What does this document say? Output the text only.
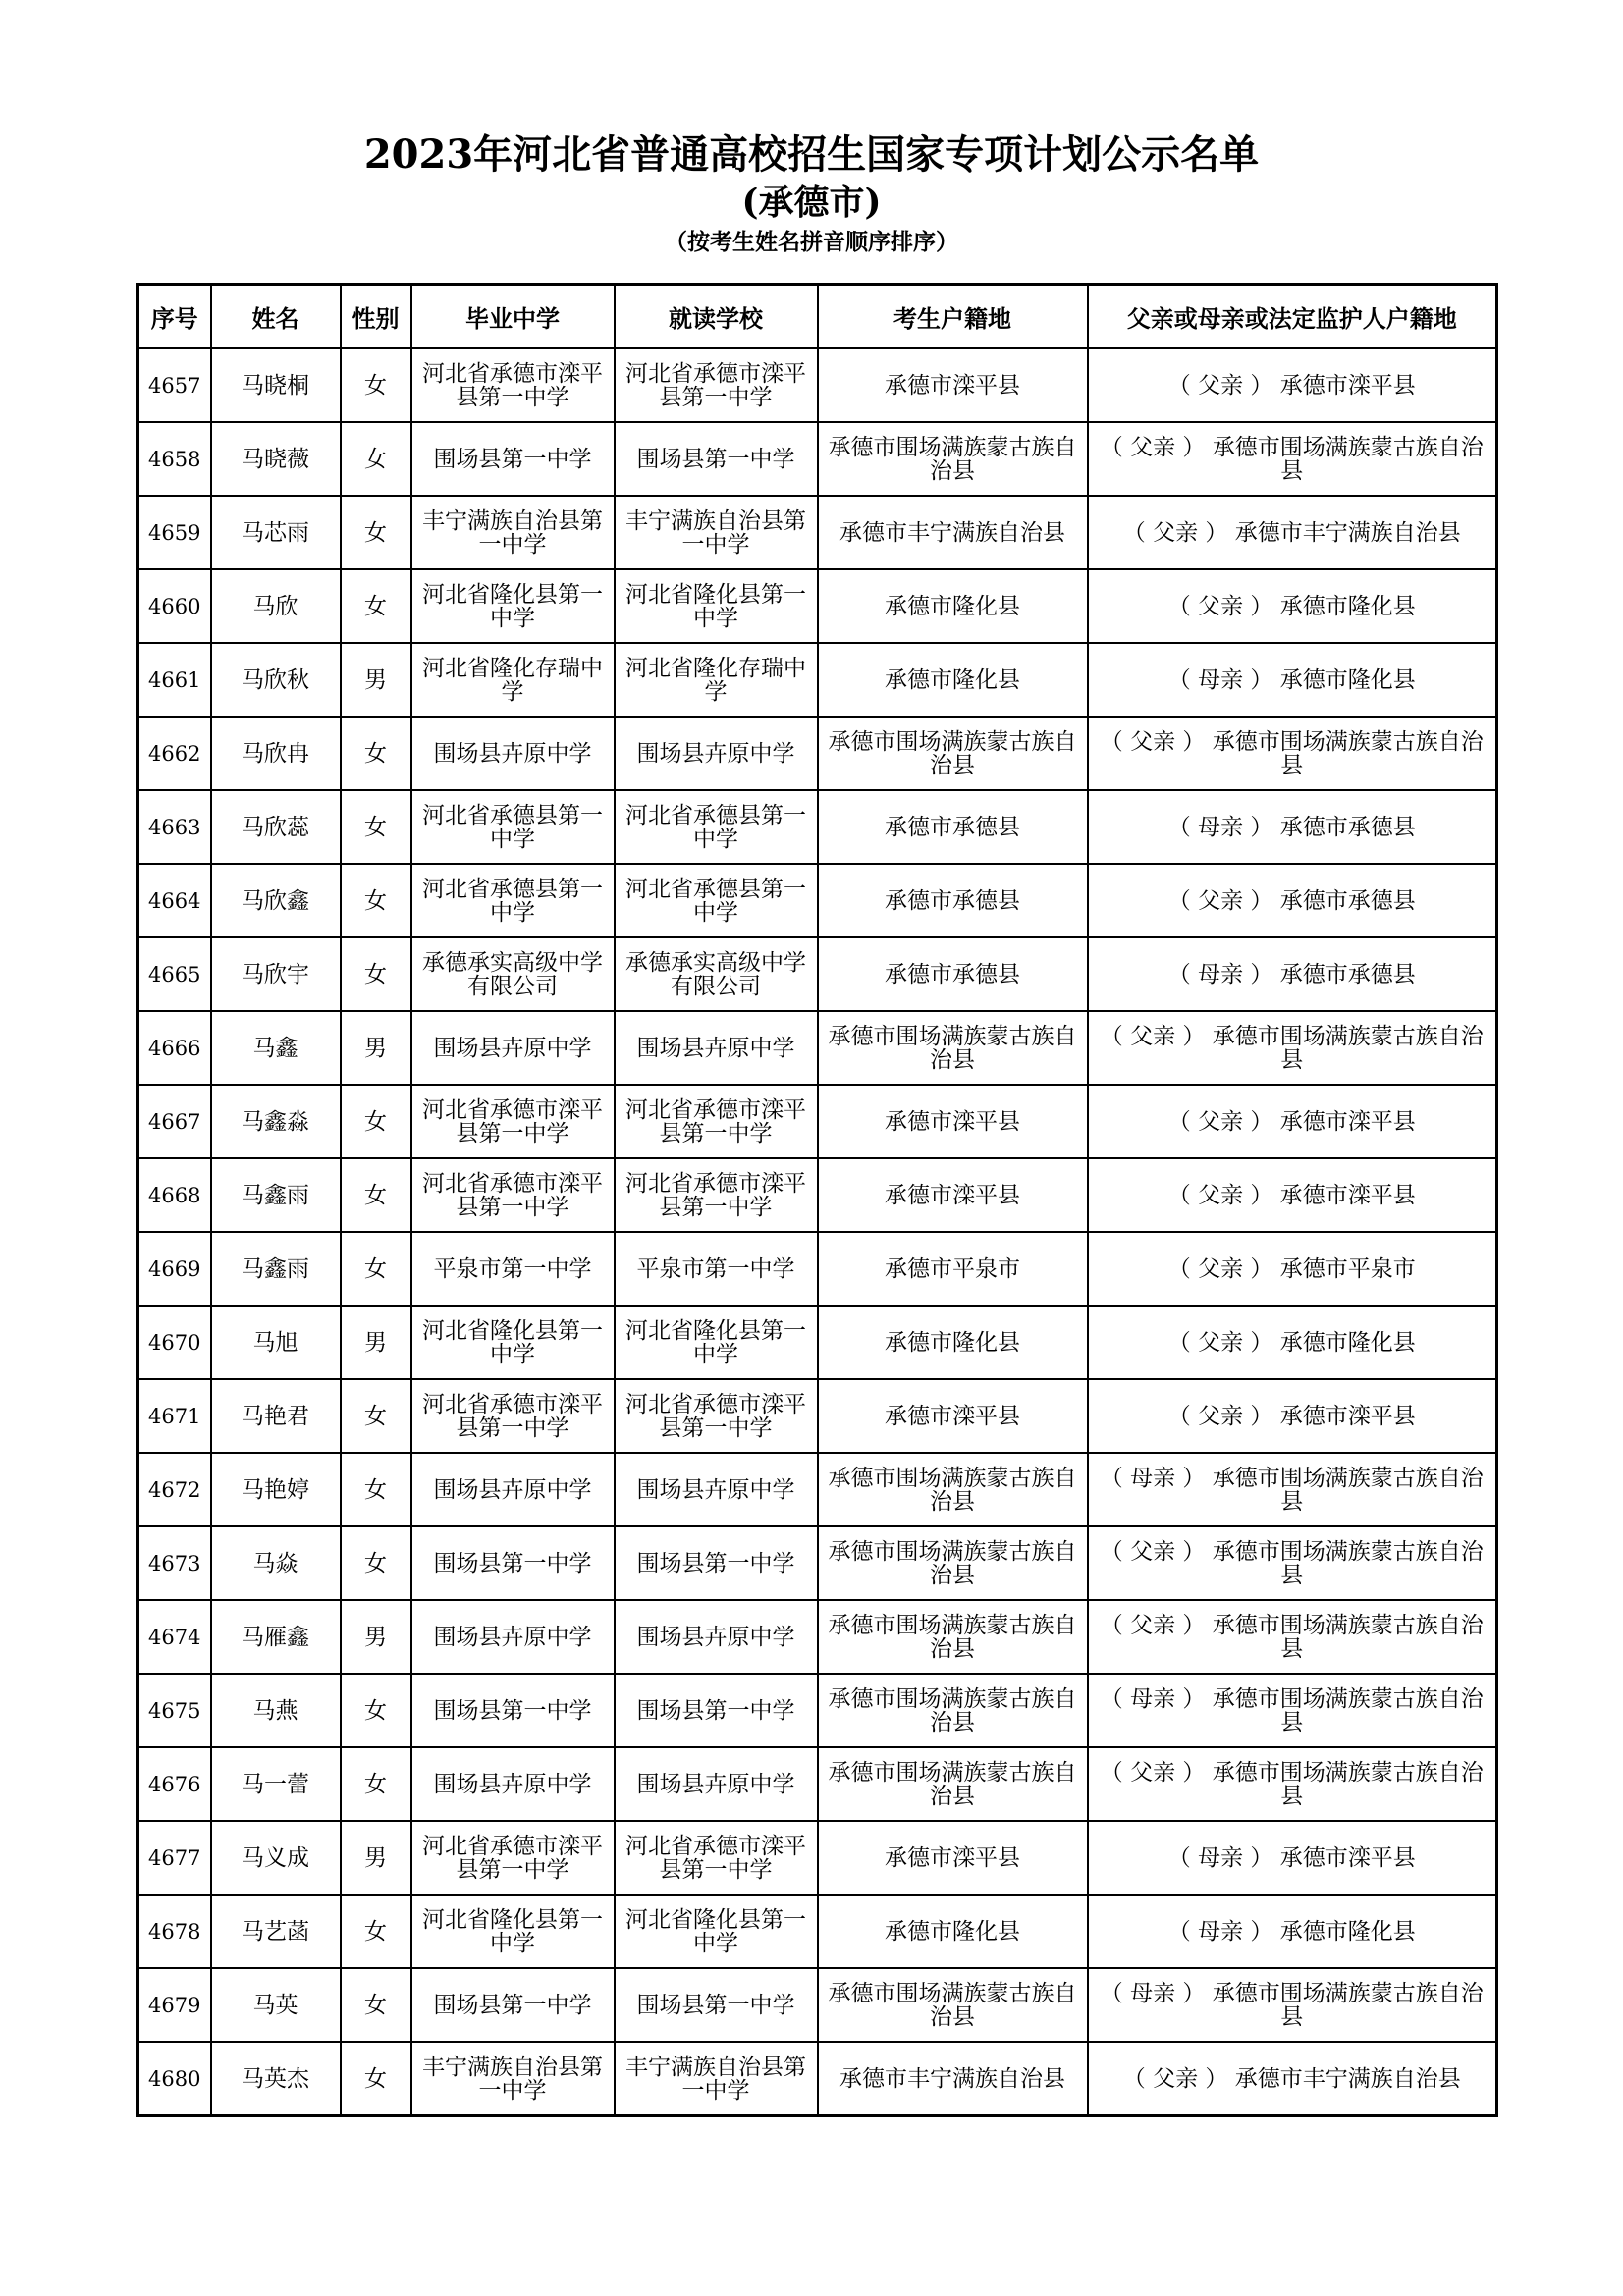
2023年河北省普通高校招生国家专项计划公示名单
(承德市)
（按考生姓名拼音顺序排序）
序号	姓名	性别	毕业中学	就读学校	考生户籍地	父亲或母亲或法定监护人户籍地
4657	马晓桐	女	河北省承德市滦平县第一中学	河北省承德市滦平县第一中学	承德市滦平县	（ 父亲 ） 承德市滦平县
4658	马晓薇	女	围场县第一中学	围场县第一中学	承德市围场满族蒙古族自治县	（ 父亲 ） 承德市围场满族蒙古族自治县
4659	马芯雨	女	丰宁满族自治县第一中学	丰宁满族自治县第一中学	承德市丰宁满族自治县	（ 父亲 ） 承德市丰宁满族自治县
4660	马欣	女	河北省隆化县第一中学	河北省隆化县第一中学	承德市隆化县	（ 父亲 ） 承德市隆化县
4661	马欣秋	男	河北省隆化存瑞中学	河北省隆化存瑞中学	承德市隆化县	（ 母亲 ） 承德市隆化县
4662	马欣冉	女	围场县卉原中学	围场县卉原中学	承德市围场满族蒙古族自治县	（ 父亲 ） 承德市围场满族蒙古族自治县
4663	马欣蕊	女	河北省承德县第一中学	河北省承德县第一中学	承德市承德县	（ 母亲 ） 承德市承德县
4664	马欣鑫	女	河北省承德县第一中学	河北省承德县第一中学	承德市承德县	（ 父亲 ） 承德市承德县
4665	马欣宇	女	承德承实高级中学有限公司	承德承实高级中学有限公司	承德市承德县	（ 母亲 ） 承德市承德县
4666	马鑫	男	围场县卉原中学	围场县卉原中学	承德市围场满族蒙古族自治县	（ 父亲 ） 承德市围场满族蒙古族自治县
4667	马鑫淼	女	河北省承德市滦平县第一中学	河北省承德市滦平县第一中学	承德市滦平县	（ 父亲 ） 承德市滦平县
4668	马鑫雨	女	河北省承德市滦平县第一中学	河北省承德市滦平县第一中学	承德市滦平县	（ 父亲 ） 承德市滦平县
4669	马鑫雨	女	平泉市第一中学	平泉市第一中学	承德市平泉市	（ 父亲 ） 承德市平泉市
4670	马旭	男	河北省隆化县第一中学	河北省隆化县第一中学	承德市隆化县	（ 父亲 ） 承德市隆化县
4671	马艳君	女	河北省承德市滦平县第一中学	河北省承德市滦平县第一中学	承德市滦平县	（ 父亲 ） 承德市滦平县
4672	马艳婷	女	围场县卉原中学	围场县卉原中学	承德市围场满族蒙古族自治县	（ 母亲 ） 承德市围场满族蒙古族自治县
4673	马焱	女	围场县第一中学	围场县第一中学	承德市围场满族蒙古族自治县	（ 父亲 ） 承德市围场满族蒙古族自治县
4674	马雁鑫	男	围场县卉原中学	围场县卉原中学	承德市围场满族蒙古族自治县	（ 父亲 ） 承德市围场满族蒙古族自治县
4675	马燕	女	围场县第一中学	围场县第一中学	承德市围场满族蒙古族自治县	（ 母亲 ） 承德市围场满族蒙古族自治县
4676	马一蕾	女	围场县卉原中学	围场县卉原中学	承德市围场满族蒙古族自治县	（ 父亲 ） 承德市围场满族蒙古族自治县
4677	马义成	男	河北省承德市滦平县第一中学	河北省承德市滦平县第一中学	承德市滦平县	（ 母亲 ） 承德市滦平县
4678	马艺菡	女	河北省隆化县第一中学	河北省隆化县第一中学	承德市隆化县	（ 母亲 ） 承德市隆化县
4679	马英	女	围场县第一中学	围场县第一中学	承德市围场满族蒙古族自治县	（ 母亲 ） 承德市围场满族蒙古族自治县
4680	马英杰	女	丰宁满族自治县第一中学	丰宁满族自治县第一中学	承德市丰宁满族自治县	（ 父亲 ） 承德市丰宁满族自治县
